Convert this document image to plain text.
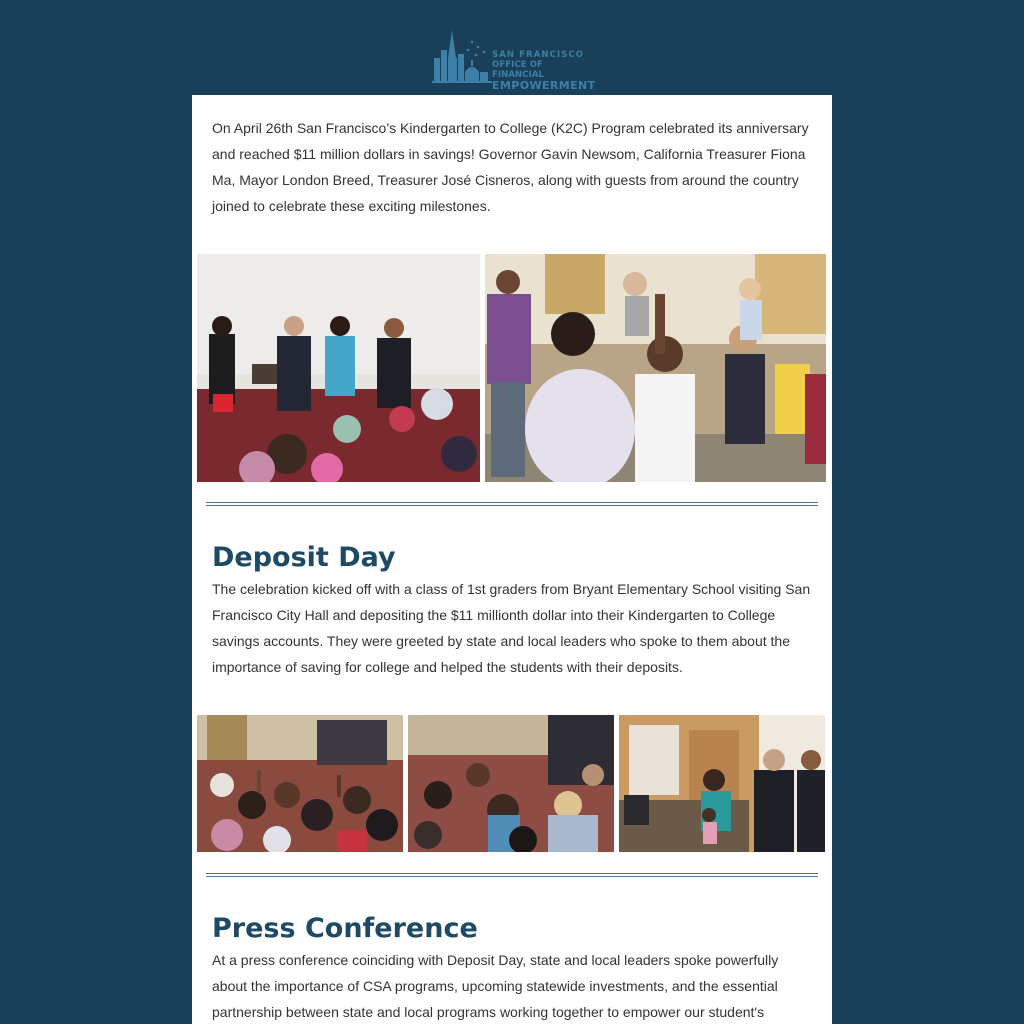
SAN FRANCISCO
OFFICE OF FINANCIAL
EMPOWERMENT

On April 26th San Francisco’s Kindergarten to College (K2C) Program celebrated its anniversary and reached $11 million dollars in savings! Governor Gavin Newsom, California Treasurer Fiona Ma, Mayor London Breed, Treasurer José Cisneros, along with guests from around the country joined to celebrate these exciting milestones.

Deposit Day

The celebration kicked off with a class of 1st graders from Bryant Elementary School visiting San Francisco City Hall and depositing the $11 millionth dollar into their Kindergarten to College savings accounts. They were greeted by state and local leaders who spoke to them about the importance of saving for college and helped the students with their deposits.

Press Conference

At a press conference coinciding with Deposit Day, state and local leaders spoke powerfully about the importance of CSA programs, upcoming statewide investments, and the essential partnership between state and local programs working together to empower our student's
